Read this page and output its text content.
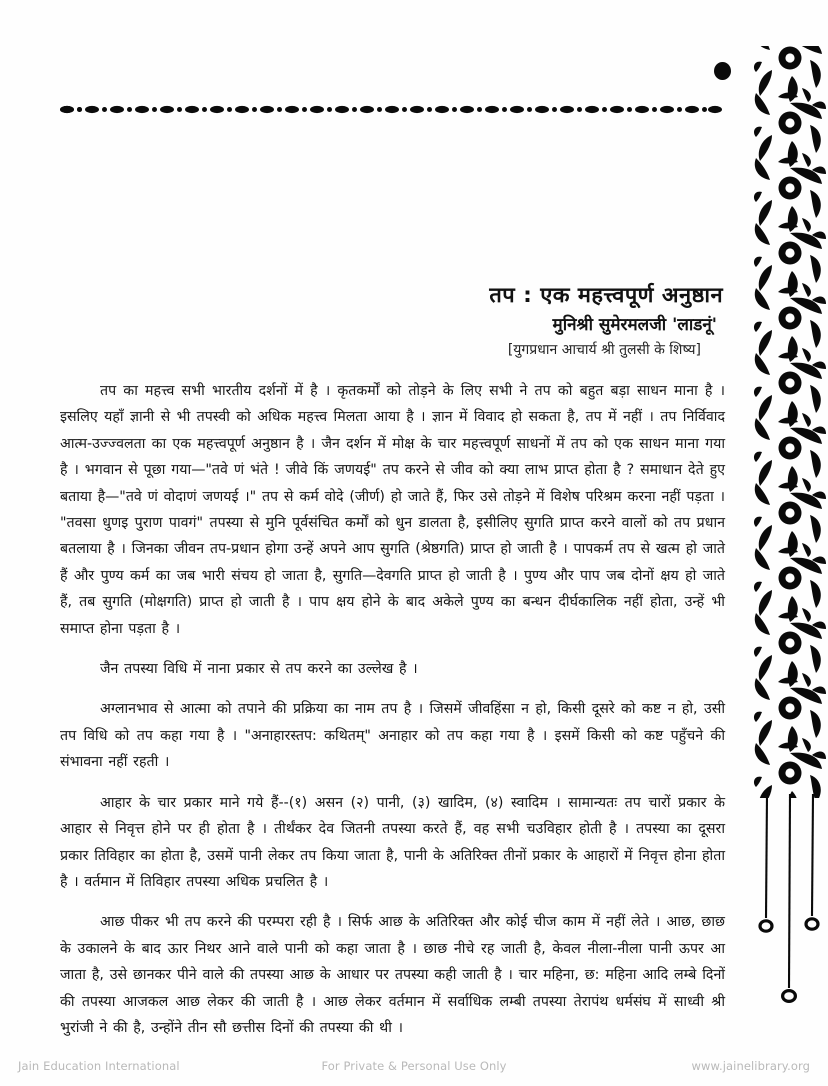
तप : एक महत्त्वपूर्ण अनुष्ठान
मुनिश्री सुमेरमलजी 'लाडनूं'
[युगप्रधान आचार्य श्री तुलसी के शिष्य]

तप का महत्त्व सभी भारतीय दर्शनों में है । कृतकर्मों को तोड़ने के लिए सभी ने तप को बहुत बड़ा साधन माना है । इसलिए यहाँ ज्ञानी से भी तपस्वी को अधिक महत्त्व मिलता आया है । ज्ञान में विवाद हो सकता है, तप में नहीं । तप निर्विवाद आत्म-उज्ज्वलता का एक महत्त्वपूर्ण अनुष्ठान है । जैन दर्शन में मोक्ष के चार महत्त्वपूर्ण साधनों में तप को एक साधन माना गया है । भगवान से पूछा गया—"तवे णं भंते ! जीवे किं जणयई" तप करने से जीव को क्या लाभ प्राप्त होता है ? समाधान देते हुए बताया है—"तवे णं वोदाणं जणयई ।" तप से कर्म वोदे (जीर्ण) हो जाते हैं, फिर उसे तोड़ने में विशेष परिश्रम करना नहीं पड़ता । "तवसा धुणइ पुराण पावगं" तपस्या से मुनि पूर्वसंचित कर्मों को धुन डालता है, इसीलिए सुगति प्राप्त करने वालों को तप प्रधान बतलाया है । जिनका जीवन तप-प्रधान होगा उन्हें अपने आप सुगति (श्रेष्ठगति) प्राप्त हो जाती है । पापकर्म तप से खत्म हो जाते हैं और पुण्य कर्म का जब भारी संचय हो जाता है, सुगति—देवगति प्राप्त हो जाती है । पुण्य और पाप जब दोनों क्षय हो जाते हैं, तब सुगति (मोक्षगति) प्राप्त हो जाती है । पाप क्षय होने के बाद अकेले पुण्य का बन्धन दीर्घकालिक नहीं होता, उन्हें भी समाप्त होना पड़ता है ।

जैन तपस्या विधि में नाना प्रकार से तप करने का उल्लेख है ।

अग्लानभाव से आत्मा को तपाने की प्रक्रिया का नाम तप है । जिसमें जीवहिंसा न हो, किसी दूसरे को कष्ट न हो, उसी तप विधि को तप कहा गया है । "अनाहारस्तप: कथितम्" अनाहार को तप कहा गया है । इसमें किसी को कष्ट पहुँचने की संभावना नहीं रहती ।

आहार के चार प्रकार माने गये हैं--(१) असन (२) पानी, (३) खादिम, (४) स्वादिम । सामान्यतः तप चारों प्रकार के आहार से निवृत्त होने पर ही होता है । तीर्थंकर देव जितनी तपस्या करते हैं, वह सभी चउविहार होती है । तपस्या का दूसरा प्रकार तिविहार का होता है, उसमें पानी लेकर तप किया जाता है, पानी के अतिरिक्त तीनों प्रकार के आहारों में निवृत्त होना होता है । वर्तमान में तिविहार तपस्या अधिक प्रचलित है ।

आछ पीकर भी तप करने की परम्परा रही है । सिर्फ आछ के अतिरिक्त और कोई चीज काम में नहीं लेते । आछ, छाछ के उकालने के बाद ऊार निथर आने वाले पानी को कहा जाता है । छाछ नीचे रह जाती है, केवल नीला-नीला पानी ऊपर आ जाता है, उसे छानकर पीने वाले की तपस्या आछ के आधार पर तपस्या कही जाती है । चार महिना, छ: महिना आदि लम्बे दिनों की तपस्या आजकल आछ लेकर की जाती है । आछ लेकर वर्तमान में सर्वाधिक लम्बी तपस्या तेरापंथ धर्मसंघ में साध्वी श्री भुरांजी ने की है, उन्होंने तीन सौ छत्तीस दिनों की तपस्या की थी ।

Jain Education International	For Private & Personal Use Only	www.jainelibrary.org
